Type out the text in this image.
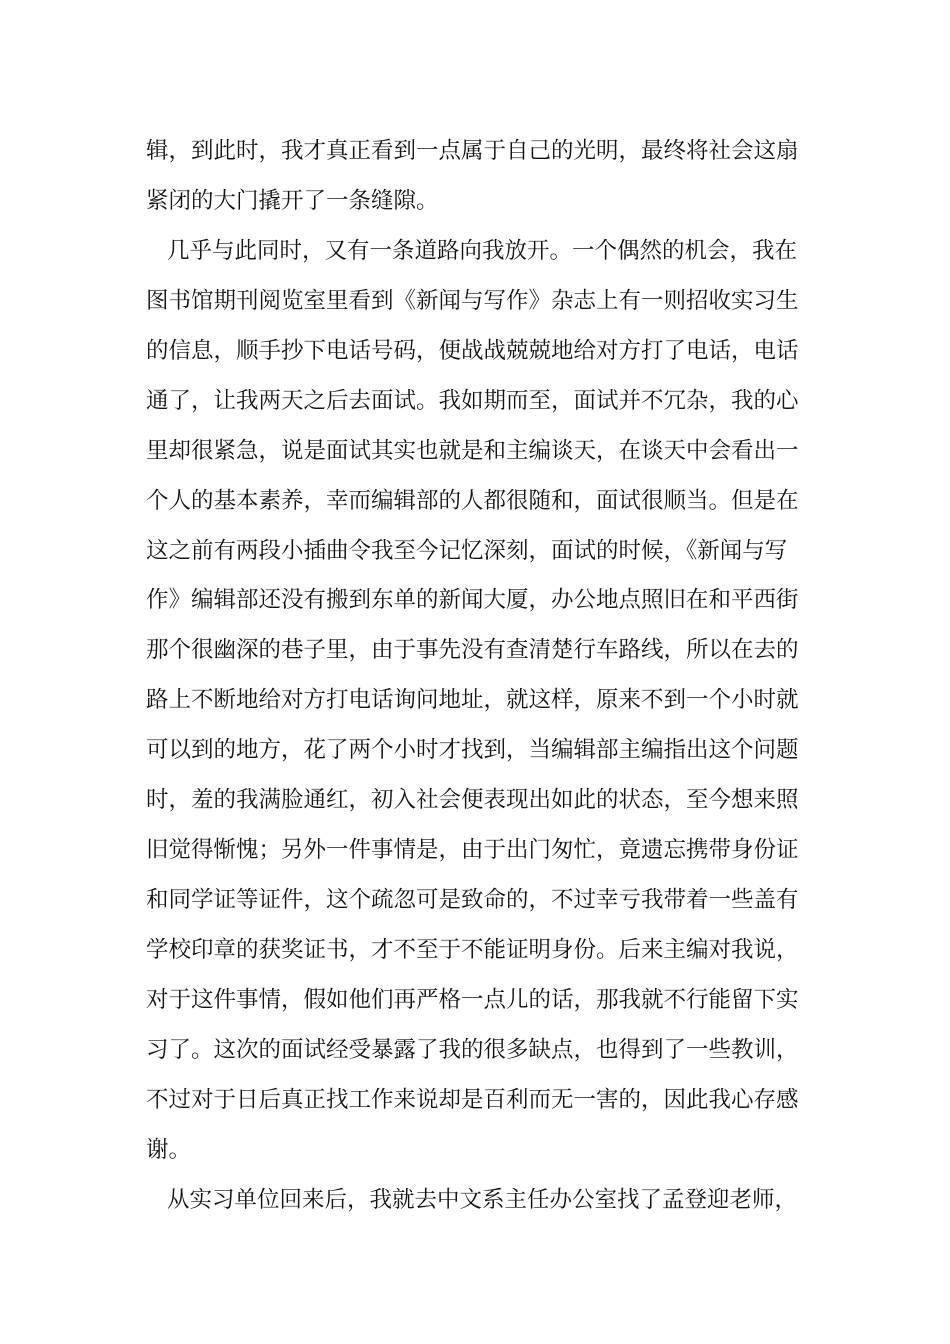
辑，到此时，我才真正看到一点属于自己的光明，最终将社会这扇
紧闭的大门撬开了一条缝隙。
几乎与此同时，又有一条道路向我放开。一个偶然的机会，我在
图书馆期刊阅览室里看到《新闻与写作》杂志上有一则招收实习生
的信息，顺手抄下电话号码，便战战兢兢地给对方打了电话，电话
通了，让我两天之后去面试。我如期而至，面试并不冗杂，我的心
里却很紧急，说是面试其实也就是和主编谈天，在谈天中会看出一
个人的基本素养，幸而编辑部的人都很随和，面试很顺当。但是在
这之前有两段小插曲令我至今记忆深刻，面试的时候，《新闻与写
作》编辑部还没有搬到东单的新闻大厦，办公地点照旧在和平西街
那个很幽深的巷子里，由于事先没有查清楚行车路线，所以在去的
路上不断地给对方打电话询问地址，就这样，原来不到一个小时就
可以到的地方，花了两个小时才找到，当编辑部主编指出这个问题
时，羞的我满脸通红，初入社会便表现出如此的状态，至今想来照
旧觉得惭愧；另外一件事情是，由于出门匆忙，竟遗忘携带身份证
和同学证等证件，这个疏忽可是致命的，不过幸亏我带着一些盖有
学校印章的获奖证书，才不至于不能证明身份。后来主编对我说，
对于这件事情，假如他们再严格一点儿的话，那我就不行能留下实
习了。这次的面试经受暴露了我的很多缺点，也得到了一些教训，
不过对于日后真正找工作来说却是百利而无一害的，因此我心存感
谢。
从实习单位回来后，我就去中文系主任办公室找了孟登迎老师，
